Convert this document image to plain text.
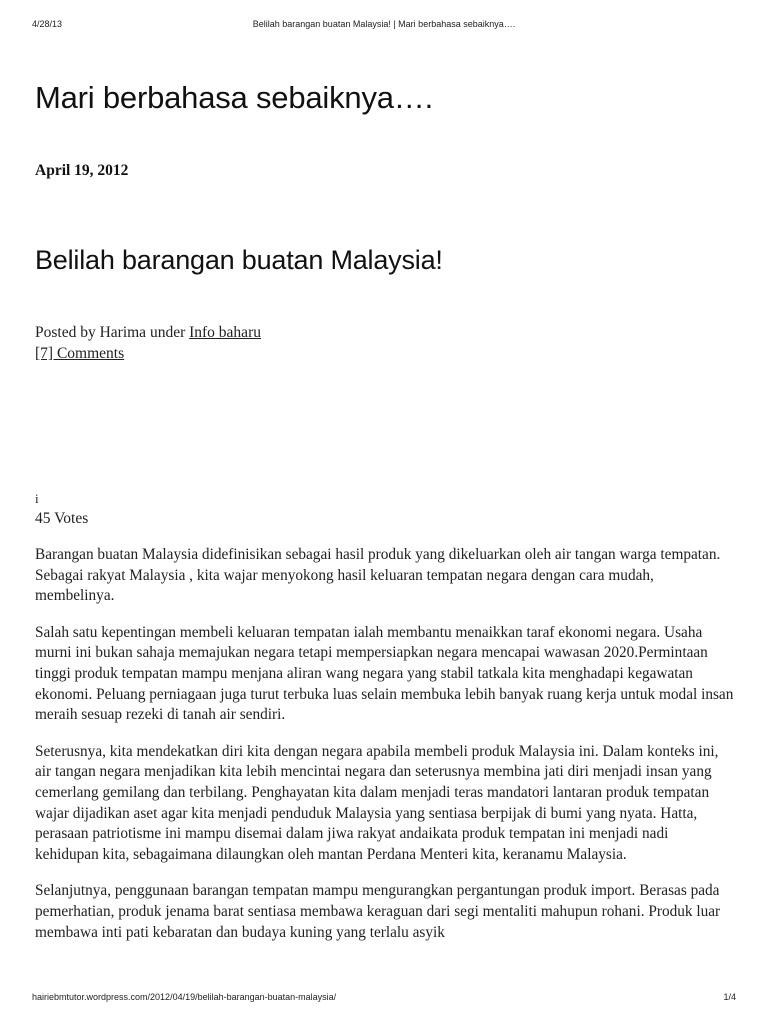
4/28/13	Belilah barangan buatan Malaysia! | Mari berbahasa sebaiknya….
Mari berbahasa sebaiknya….
April 19, 2012
Belilah barangan buatan Malaysia!
Posted by Harima under Info baharu
[7] Comments
i
45 Votes

Barangan buatan Malaysia didefinisikan sebagai hasil produk yang dikeluarkan oleh air tangan warga tempatan. Sebagai rakyat Malaysia , kita wajar menyokong hasil keluaran tempatan negara dengan cara mudah, membelinya.

Salah satu kepentingan membeli keluaran tempatan ialah membantu menaikkan taraf ekonomi negara. Usaha murni ini bukan sahaja memajukan negara tetapi mempersiapkan negara mencapai wawasan 2020.Permintaan tinggi produk tempatan mampu menjana aliran wang negara yang stabil tatkala kita menghadapi kegawatan ekonomi. Peluang perniagaan juga turut terbuka luas selain membuka lebih banyak ruang kerja untuk modal insan meraih sesuap rezeki di tanah air sendiri.

Seterusnya, kita mendekatkan diri kita dengan negara apabila membeli produk Malaysia ini. Dalam konteks ini, air tangan negara menjadikan kita lebih mencintai negara dan seterusnya membina jati diri menjadi insan yang cemerlang gemilang dan terbilang. Penghayatan kita dalam menjadi teras mandatori lantaran produk tempatan wajar dijadikan aset agar kita menjadi penduduk Malaysia yang sentiasa berpijak di bumi yang nyata. Hatta, perasaan patriotisme ini mampu disemai dalam jiwa rakyat andaikata produk tempatan ini menjadi nadi kehidupan kita, sebagaimana dilaungkan oleh mantan Perdana Menteri kita, keranamu Malaysia.

Selanjutnya, penggunaan barangan tempatan mampu mengurangkan pergantungan produk import. Berasas pada pemerhatian, produk jenama barat sentiasa membawa keraguan dari segi mentaliti mahupun rohani. Produk luar membawa inti pati kebaratan dan budaya kuning yang terlalu asyik

hairiebmtutor.wordpress.com/2012/04/19/belilah-barangan-buatan-malaysia/	1/4
